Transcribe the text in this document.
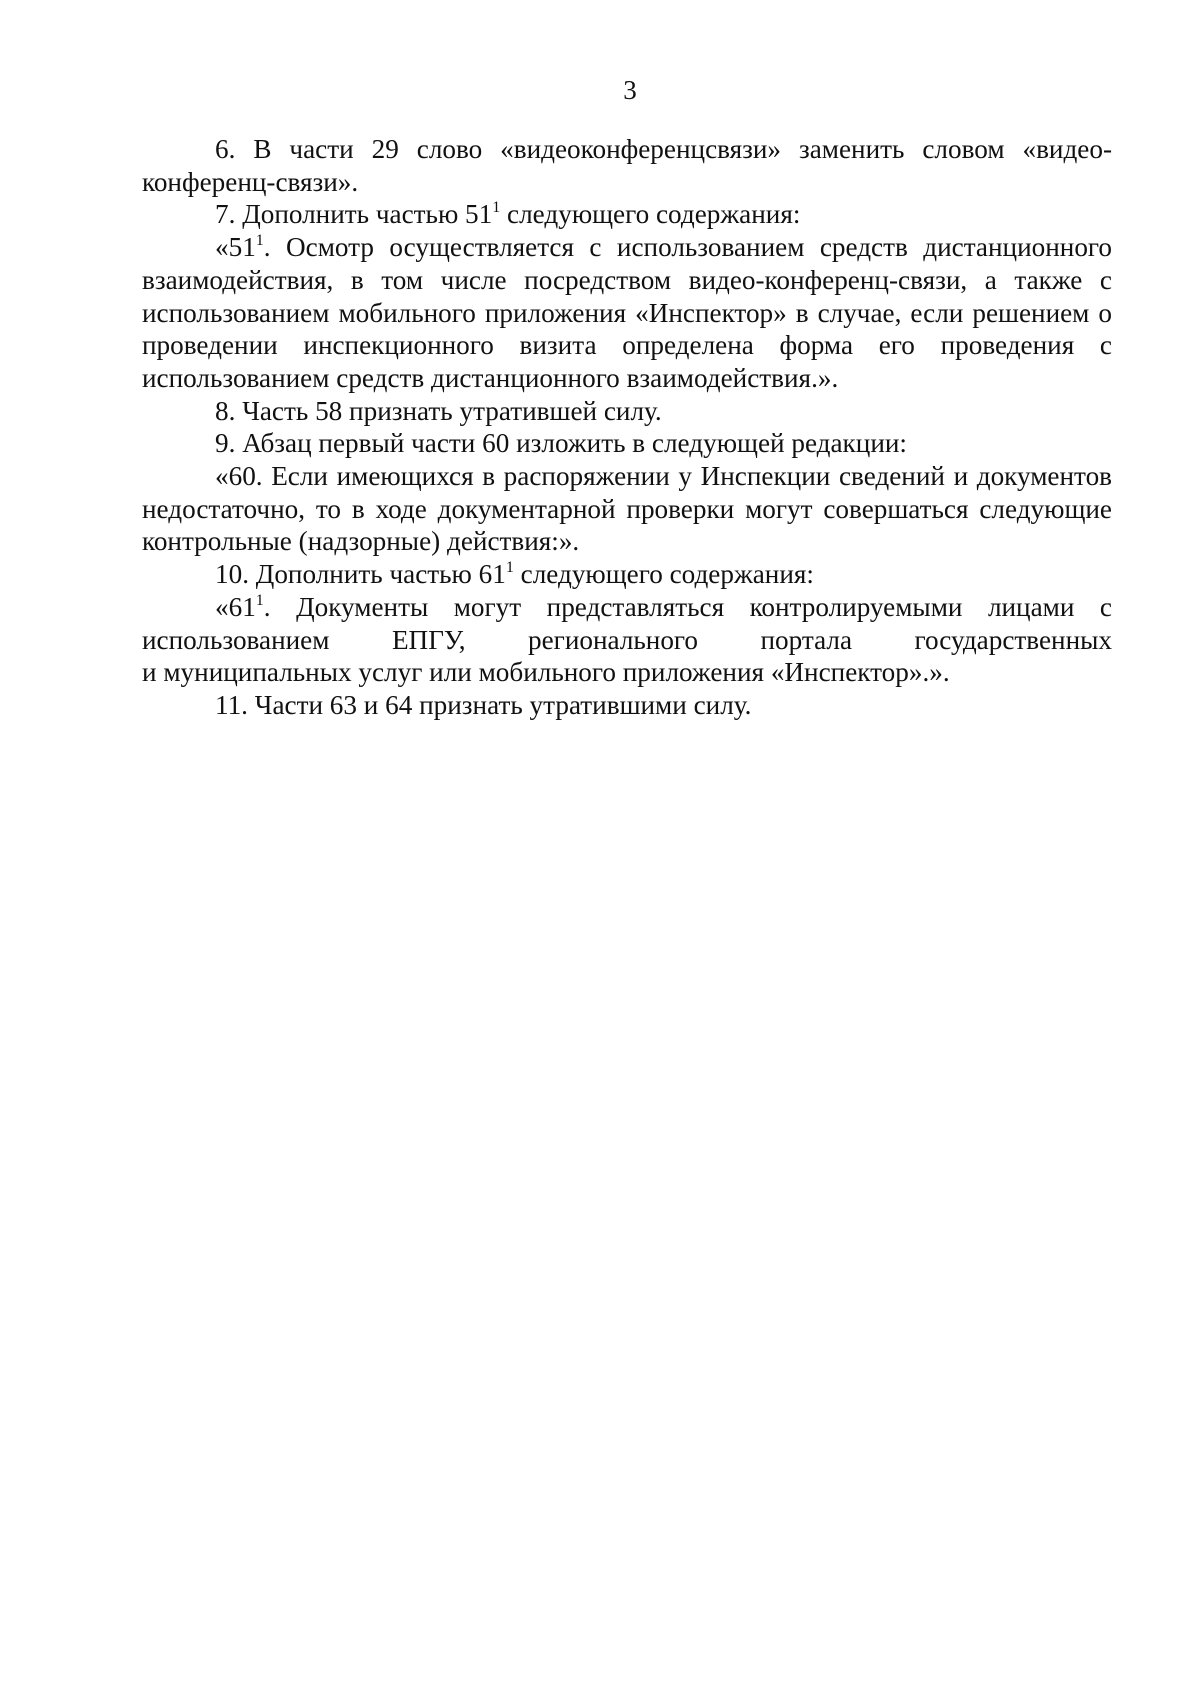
3

6. В части 29 слово «видеоконференцсвязи» заменить словом «видео-конференц-связи».

7. Дополнить частью $51^1$ следующего содержания:

«$51^1$. Осмотр осуществляется с использованием средств дистанционного взаимодействия, в том числе посредством видео-конференц-связи, а также с использованием мобильного приложения «Инспектор» в случае, если решением о проведении инспекционного визита определена форма его проведения с использованием средств дистанционного взаимодействия.».

8. Часть 58 признать утратившей силу.

9. Абзац первый части 60 изложить в следующей редакции:

«60. Если имеющихся в распоряжении у Инспекции сведений и документов недостаточно, то в ходе документарной проверки могут совершаться следующие контрольные (надзорные) действия:».

10. Дополнить частью $61^1$ следующего содержания:

«$61^1$. Документы могут представляться контролируемыми лицами с использованием ЕПГУ, регионального портала государственных

и муниципальных услуг или мобильного приложения «Инспектор».».

11. Части 63 и 64 признать утратившими силу.
